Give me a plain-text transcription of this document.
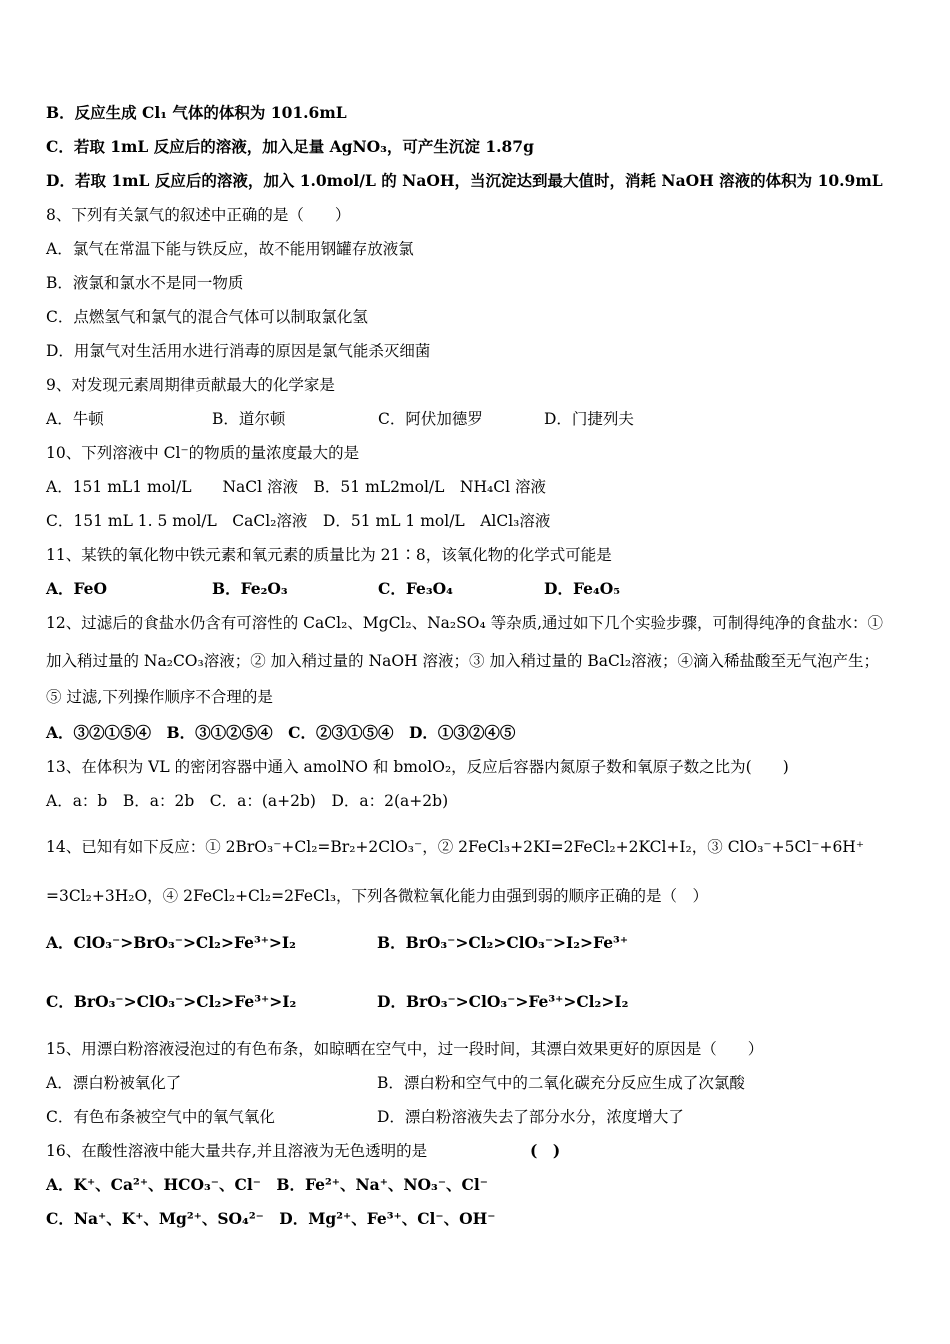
B．反应生成 Cl₁ 气体的体积为 101.6mL
C．若取 1mL 反应后的溶液，加入足量 AgNO₃，可产生沉淀 1.87g
D．若取 1mL 反应后的溶液，加入 1.0mol/L 的 NaOH，当沉淀达到最大值时，消耗 NaOH 溶液的体积为 10.9mL
8、下列有关氯气的叙述中正确的是（　　）
A．氯气在常温下能与铁反应，故不能用钢罐存放液氯
B．液氯和氯水不是同一物质
C．点燃氢气和氯气的混合气体可以制取氯化氢
D．用氯气对生活用水进行消毒的原因是氯气能杀灭细菌
9、对发现元素周期律贡献最大的化学家是
A．牛顿	B．道尔顿	C．阿伏加德罗	D．门捷列夫
10、下列溶液中 Cl⁻的物质的量浓度最大的是
A．151 mL1 mol/L　　NaCl 溶液　B．51 mL2mol/L　NH₄Cl 溶液
C．151 mL 1. 5 mol/L　CaCl₂溶液　D．51 mL 1 mol/L　AlCl₃溶液
11、某铁的氧化物中铁元素和氧元素的质量比为 21∶8，该氧化物的化学式可能是
A．FeO	B．Fe₂O₃	C．Fe₃O₄	D．Fe₄O₅
12、过滤后的食盐水仍含有可溶性的 CaCl₂、MgCl₂、Na₂SO₄ 等杂质,通过如下几个实验步骤，可制得纯净的食盐水：①
加入稍过量的 Na₂CO₃溶液；② 加入稍过量的 NaOH 溶液；③ 加入稍过量的 BaCl₂溶液；④滴入稀盐酸至无气泡产生；
⑤ 过滤,下列操作顺序不合理的是
A．③②①⑤④　B．③①②⑤④　C．②③①⑤④　D．①③②④⑤
13、在体积为 VL 的密闭容器中通入 amolNO 和 bmolO₂，反应后容器内氮原子数和氧原子数之比为(　　)
A．a：b　B．a：2b　C．a：(a+2b)　D．a：2(a+2b)
14、已知有如下反应：① 2BrO₃⁻+Cl₂=Br₂+2ClO₃⁻，② 2FeCl₃+2KI=2FeCl₂+2KCl+I₂，③ ClO₃⁻+5Cl⁻+6H⁺
=3Cl₂+3H₂O，④ 2FeCl₂+Cl₂=2FeCl₃，下列各微粒氧化能力由强到弱的顺序正确的是（　）
A．ClO₃⁻>BrO₃⁻>Cl₂>Fe³⁺>I₂	B．BrO₃⁻>Cl₂>ClO₃⁻>I₂>Fe³⁺
C．BrO₃⁻>ClO₃⁻>Cl₂>Fe³⁺>I₂	D．BrO₃⁻>ClO₃⁻>Fe³⁺>Cl₂>I₂
15、用漂白粉溶液浸泡过的有色布条，如晾晒在空气中，过一段时间，其漂白效果更好的原因是（　　）
A．漂白粉被氧化了	B．漂白粉和空气中的二氧化碳充分反应生成了次氯酸
C．有色布条被空气中的氧气氧化	D．漂白粉溶液失去了部分水分，浓度增大了
16、在酸性溶液中能大量共存,并且溶液为无色透明的是	(　)
A．K⁺、Ca²⁺、HCO₃⁻、Cl⁻　B．Fe²⁺、Na⁺、NO₃⁻、Cl⁻
C．Na⁺、K⁺、Mg²⁺、SO₄²⁻　D．Mg²⁺、Fe³⁺、Cl⁻、OH⁻
